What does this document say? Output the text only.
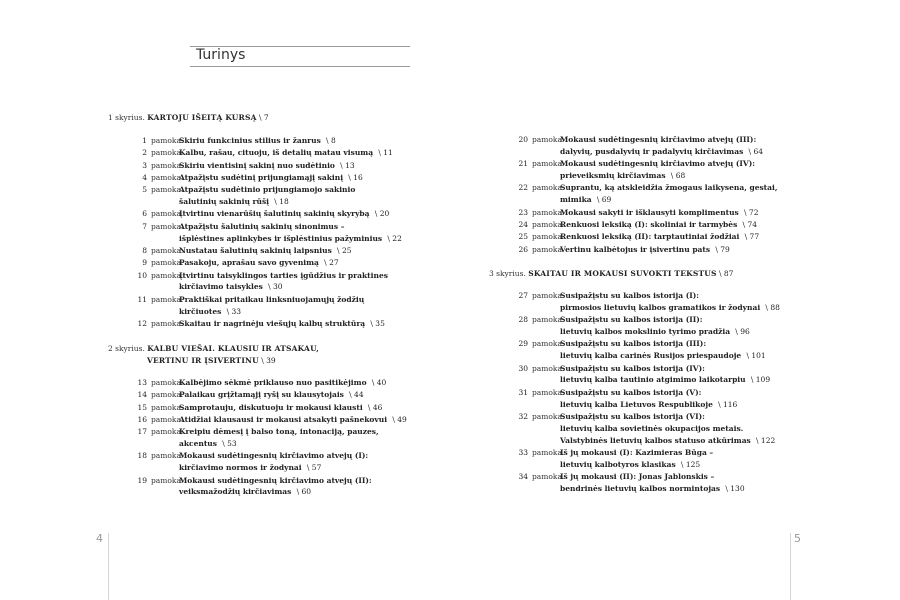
Turinys
1 skyrius. KARTOJU IŠEITĄ KURSĄ \ 7
2 skyrius. KALBU VIEŠAI. KLAUSIU IR ATSAKAU,
VERTINU IR ĮSIVERTINU \ 39
3 skyrius. SKAITAU IR MOKAUSI SUVOKTI TEKSTUS \ 87
1 pamoka.
Skiriu funkcinius stilius ir žanrus \ 8
2 pamoka.
Kalbu, rašau, cituoju, iš detalių matau visumą \ 11
3 pamoka.
Skiriu vientisinį sakinį nuo sudėtinio \ 13
4 pamoka.
Atpažįstu sudėtinį prijungiamąjį sakinį \ 16
5 pamoka.
Atpažįstu sudėtinio prijungiamojo sakinio
šalutinių sakinių rūšį \ 18
6 pamoka.
Įtvirtinu vienarūšių šalutinių sakinių skyrybą \ 20
7 pamoka.
Atpažįstu šalutinių sakinių sinonimus –
išplėstines aplinkybes ir išplėstinius pažyminius \ 22
8 pamoka.
Nustatau šalutinių sakinių laipsnius \ 25
9 pamoka.
Pasakoju, aprašau savo gyvenimą \ 27
10 pamoka.
Įtvirtinu taisyklingos tarties įgūdžius ir praktines
kirčiavimo taisykles \ 30
11 pamoka.
Praktiškai pritaikau linksniuojamųjų žodžių
kirčiuotes \ 33
12 pamoka.
Skaitau ir nagrinėju viešųjų kalbų struktūrą \ 35
13 pamoka.
Kalbėjimo sėkmė priklauso nuo pasitikėjimo \ 40
14 pamoka.
Palaikau grįžtamąjį ryšį su klausytojais \ 44
15 pamoka.
Samprotauju, diskutuoju ir mokausi klausti \ 46
16 pamoka.
Atidžiai klausausi ir mokausi atsakyti pašnekovui \ 49
17 pamoka.
Kreipiu dėmesį į balso toną, intonaciją, pauzes,
akcentus \ 53
18 pamoka.
Mokausi sudėtingesnių kirčiavimo atvejų (I):
kirčiavimo normos ir žodynai \ 57
19 pamoka.
Mokausi sudėtingesnių kirčiavimo atvejų (II):
veiksmažodžių kirčiavimas \ 60
20 pamoka.
Mokausi sudėtingesnių kirčiavimo atvejų (III):
dalyvių, pusdalyvių ir padalyvių kirčiavimas \ 64
21 pamoka.
Mokausi sudėtingesnių kirčiavimo atvejų (IV):
prieveiksmių kirčiavimas \ 68
22 pamoka.
Suprantu, ką atskleidžia žmogaus laikysena, gestai,
mimika \ 69
23 pamoka.
Mokausi sakyti ir išklausyti komplimentus \ 72
24 pamoka.
Renkuosi leksiką (I): skoliniai ir tarmybės \ 74
25 pamoka.
Renkuosi leksiką (II): tarptautiniai žodžiai \ 77
26 pamoka.
Vertinu kalbėtojus ir įsivertinu pats \ 79
27 pamoka.
Susipažįstu su kalbos istorija (I):
pirmosios lietuvių kalbos gramatikos ir žodynai \ 88
28 pamoka.
Susipažįstu su kalbos istorija (II):
lietuvių kalbos mokslinio tyrimo pradžia \ 96
29 pamoka.
Susipažįstu su kalbos istorija (III):
lietuvių kalba carinės Rusijos priespaudoje \ 101
30 pamoka.
Susipažįstu su kalbos istorija (IV):
lietuvių kalba tautinio atgimimo laikotarpiu \ 109
31 pamoka.
Susipažįstu su kalbos istorija (V):
lietuvių kalba Lietuvos Respublikoje \ 116
32 pamoka.
Susipažįstu su kalbos istorija (VI):
lietuvių kalba sovietinės okupacijos metais.
Valstybinės lietuvių kalbos statuso atkūrimas \ 122
33 pamoka.
Iš jų mokausi (I): Kazimieras Būga –
lietuvių kalbotyros klasikas \ 125
34 pamoka.
Iš jų mokausi (II): Jonas Jablonskis –
bendrinės lietuvių kalbos normintojas \ 130
4	5
